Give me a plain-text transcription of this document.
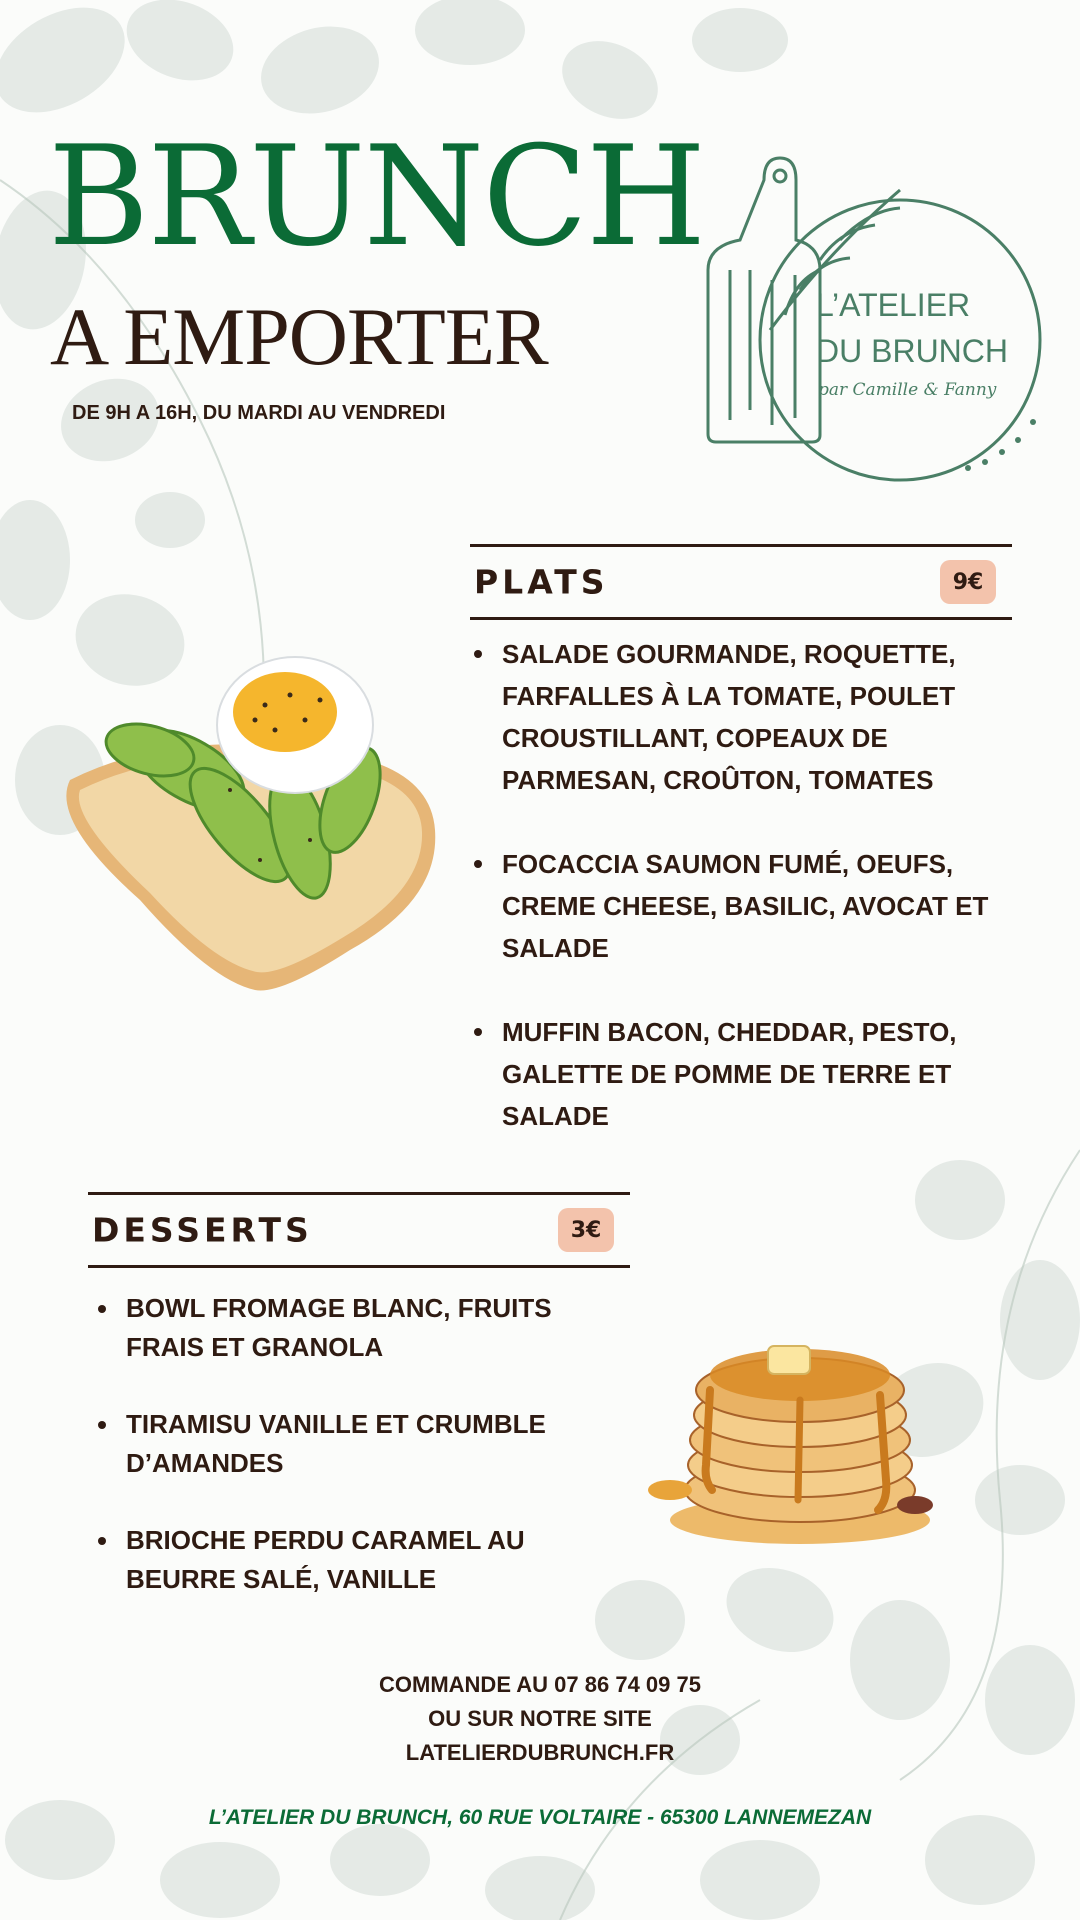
BRUNCH
A EMPORTER
DE 9H A 16H, DU MARDI AU VENDREDI
L’ATELIER
DU BRUNCH
par Camille & Fanny
PLATS	9€
SALADE GOURMANDE, ROQUETTE, FARFALLES À LA TOMATE, POULET CROUSTILLANT, COPEAUX DE PARMESAN, CROÛTON, TOMATES
FOCACCIA SAUMON FUMÉ, OEUFS, CREME CHEESE, BASILIC, AVOCAT ET SALADE
MUFFIN BACON, CHEDDAR, PESTO, GALETTE DE POMME DE TERRE ET SALADE
DESSERTS	3€
BOWL FROMAGE BLANC, FRUITS FRAIS ET GRANOLA
TIRAMISU VANILLE ET CRUMBLE D’AMANDES
BRIOCHE PERDU CARAMEL AU BEURRE SALÉ, VANILLE
COMMANDE AU 07 86 74 09 75
OU SUR NOTRE SITE
LATELIERDUBRUNCH.FR
L’ATELIER DU BRUNCH, 60 RUE VOLTAIRE - 65300 LANNEMEZAN
